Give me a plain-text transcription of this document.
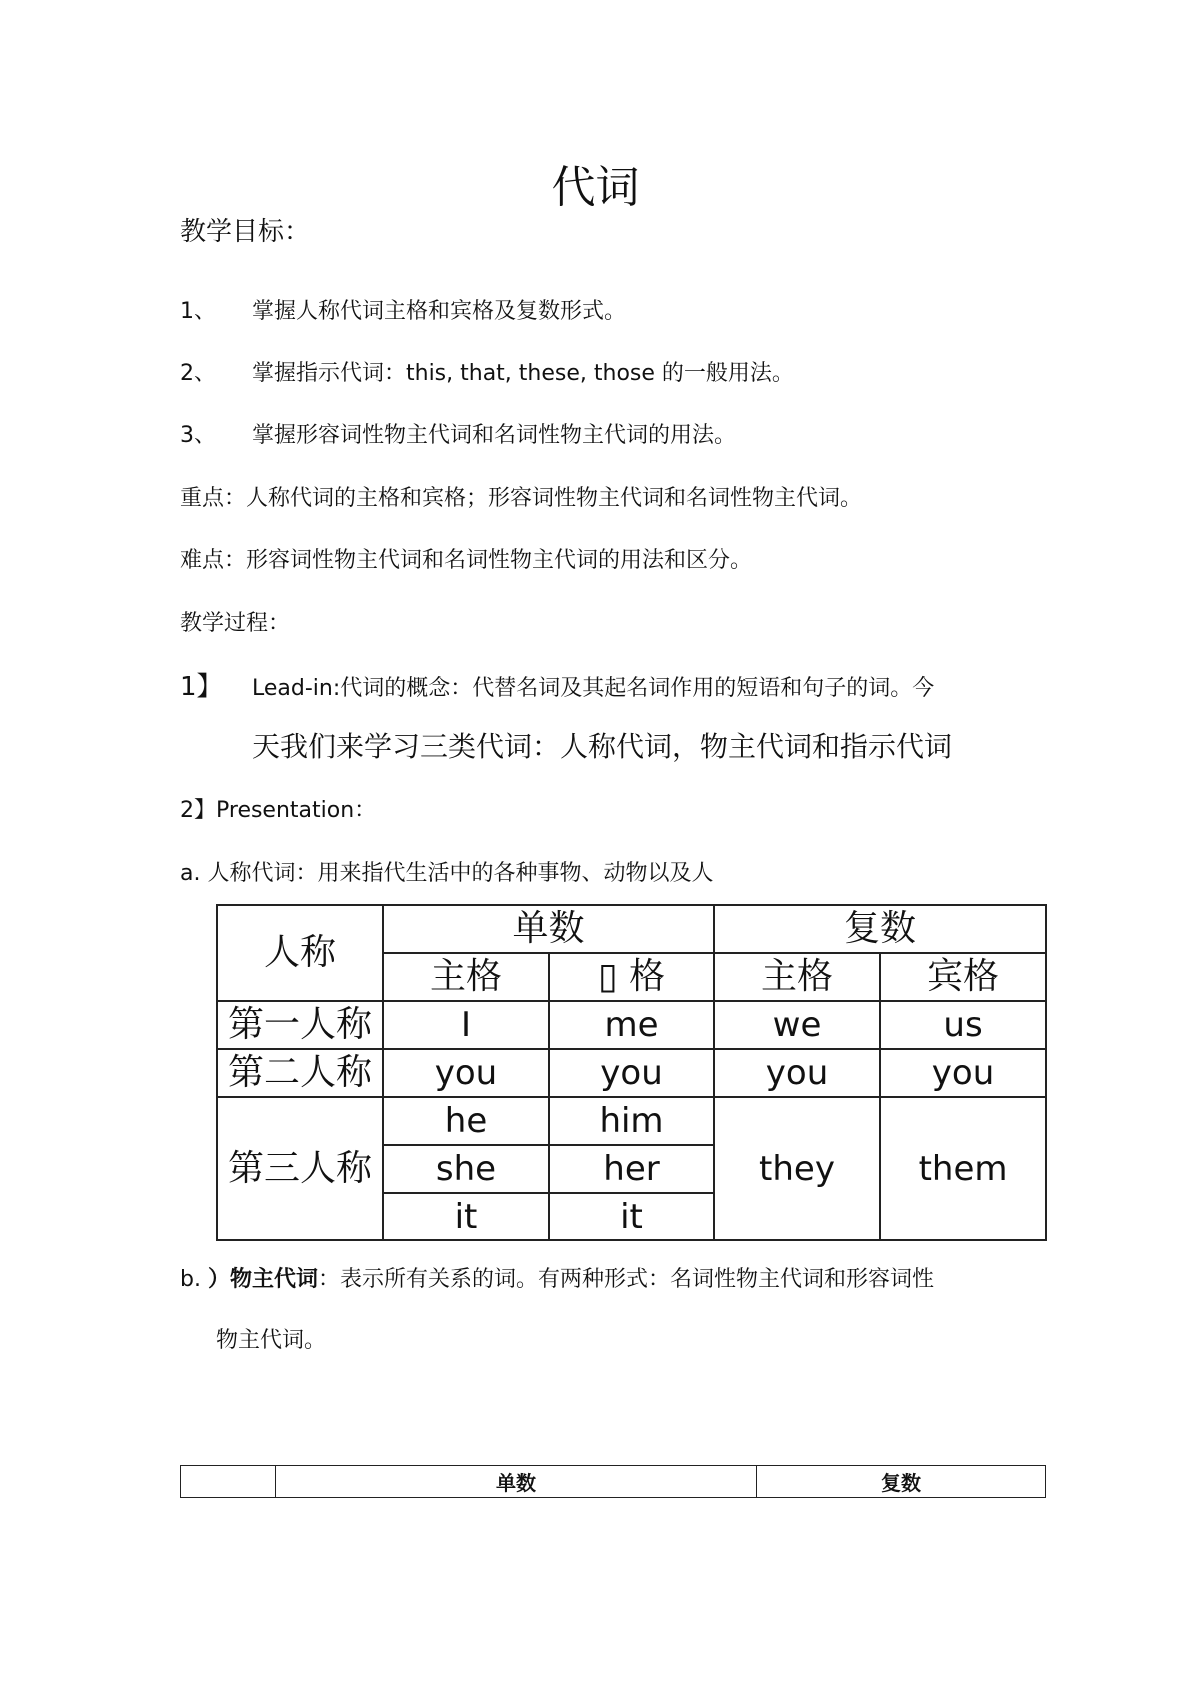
代词
教学目标：
1、 掌握人称代词主格和宾格及复数形式。
2、 掌握指示代词：this, that, these, those 的一般用法。
3、 掌握形容词性物主代词和名词性物主代词的用法。
重点：人称代词的主格和宾格；形容词性物主代词和名词性物主代词。
难点：形容词性物主代词和名词性物主代词的用法和区分。
教学过程：
1】 Lead-in:代词的概念：代替名词及其起名词作用的短语和句子的词。今
天我们来学习三类代词：人称代词，物主代词和指示代词
2】Presentation：
a. 人称代词：用来指代生活中的各种事物、动物以及人
人称	单数		复数	
	主格	▯ 格	主格	宾格
第一人称	I	me	we	us
第二人称	you	you	you	you
第三人称	he	him	they	them
	she	her		
	it	it		
b. ）物主代词：表示所有关系的词。有两种形式：名词性物主代词和形容词性
物主代词。
	单数	复数
